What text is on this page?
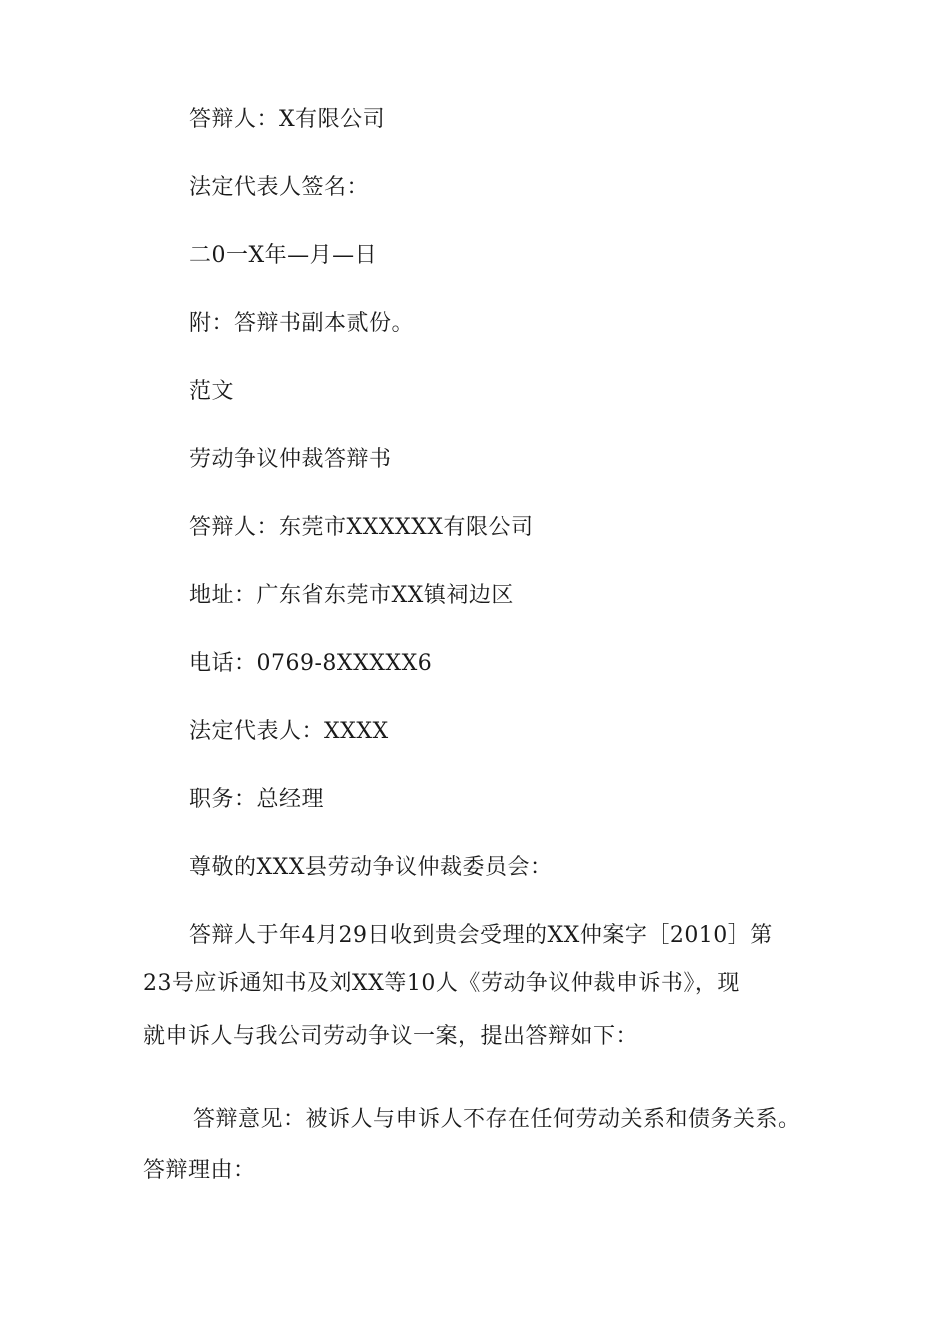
答辩人：X有限公司
法定代表人签名：
二0一X年—月—日
附：答辩书副本贰份。
范文
劳动争议仲裁答辩书
答辩人：东莞市XXXXXX有限公司
地址：广东省东莞市XX镇祠边区
电话：0769-8XXXXX6
法定代表人：XXXX
职务：总经理
尊敬的XXX县劳动争议仲裁委员会：
答辩人于年4月29日收到贵会受理的XX仲案字［2010］第
23号应诉通知书及刘XX等10人《劳动争议仲裁申诉书》，现
就申诉人与我公司劳动争议一案，提出答辩如下：
答辩意见：被诉人与申诉人不存在任何劳动关系和债务关系。
答辩理由：
